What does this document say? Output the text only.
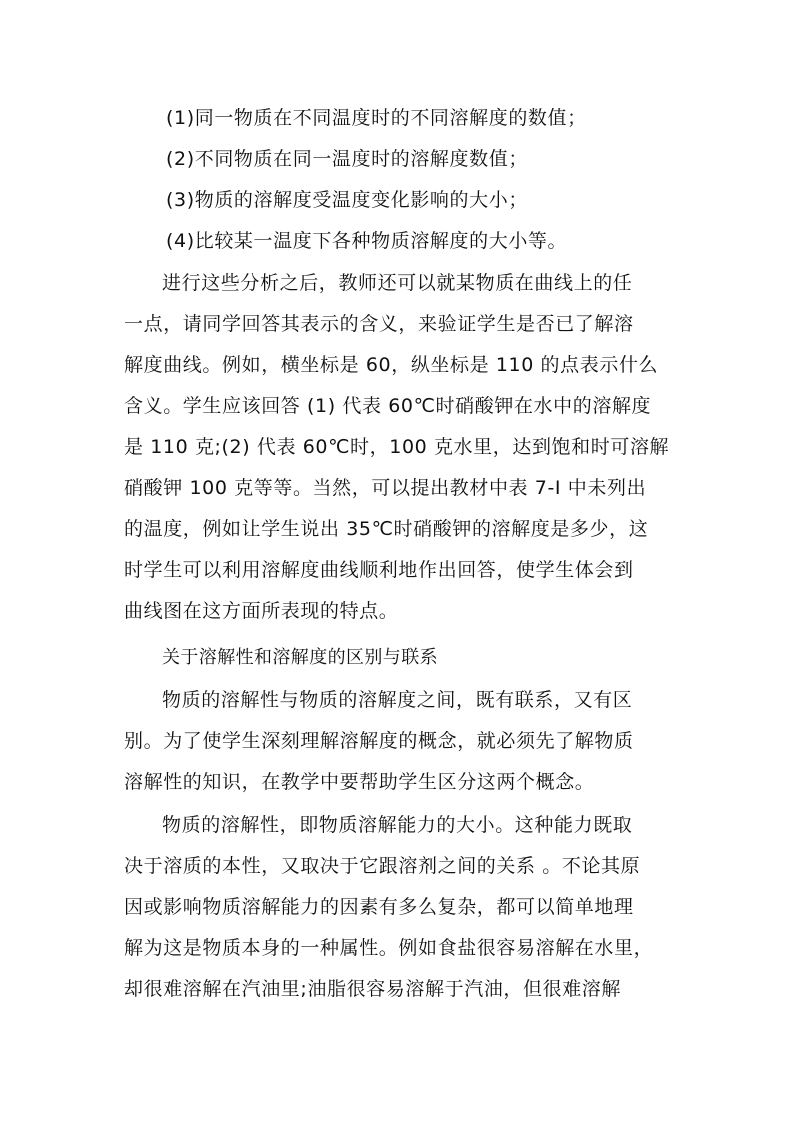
(1)同一物质在不同温度时的不同溶解度的数值；
(2)不同物质在同一温度时的溶解度数值；
(3)物质的溶解度受温度变化影响的大小；
(4)比较某一温度下各种物质溶解度的大小等。
进行这些分析之后，教师还可以就某物质在曲线上的任
一点，请同学回答其表示的含义，来验证学生是否已了解溶
解度曲线。例如，横坐标是 60，纵坐标是 110 的点表示什么
含义。学生应该回答 (1) 代表 60℃时硝酸钾在水中的溶解度
是 110 克;(2) 代表 60℃时，100 克水里，达到饱和时可溶解
硝酸钾 100 克等等。当然，可以提出教材中表 7-I 中未列出
的温度，例如让学生说出 35℃时硝酸钾的溶解度是多少，这
时学生可以利用溶解度曲线顺利地作出回答，使学生体会到
曲线图在这方面所表现的特点。
关于溶解性和溶解度的区别与联系
物质的溶解性与物质的溶解度之间，既有联系，又有区
别。为了使学生深刻理解溶解度的概念，就必须先了解物质
溶解性的知识，在教学中要帮助学生区分这两个概念。
物质的溶解性，即物质溶解能力的大小。这种能力既取
决于溶质的本性，又取决于它跟溶剂之间的关系 。不论其原
因或影响物质溶解能力的因素有多么复杂，都可以简单地理
解为这是物质本身的一种属性。例如食盐很容易溶解在水里，
却很难溶解在汽油里;油脂很容易溶解于汽油，但很难溶解
